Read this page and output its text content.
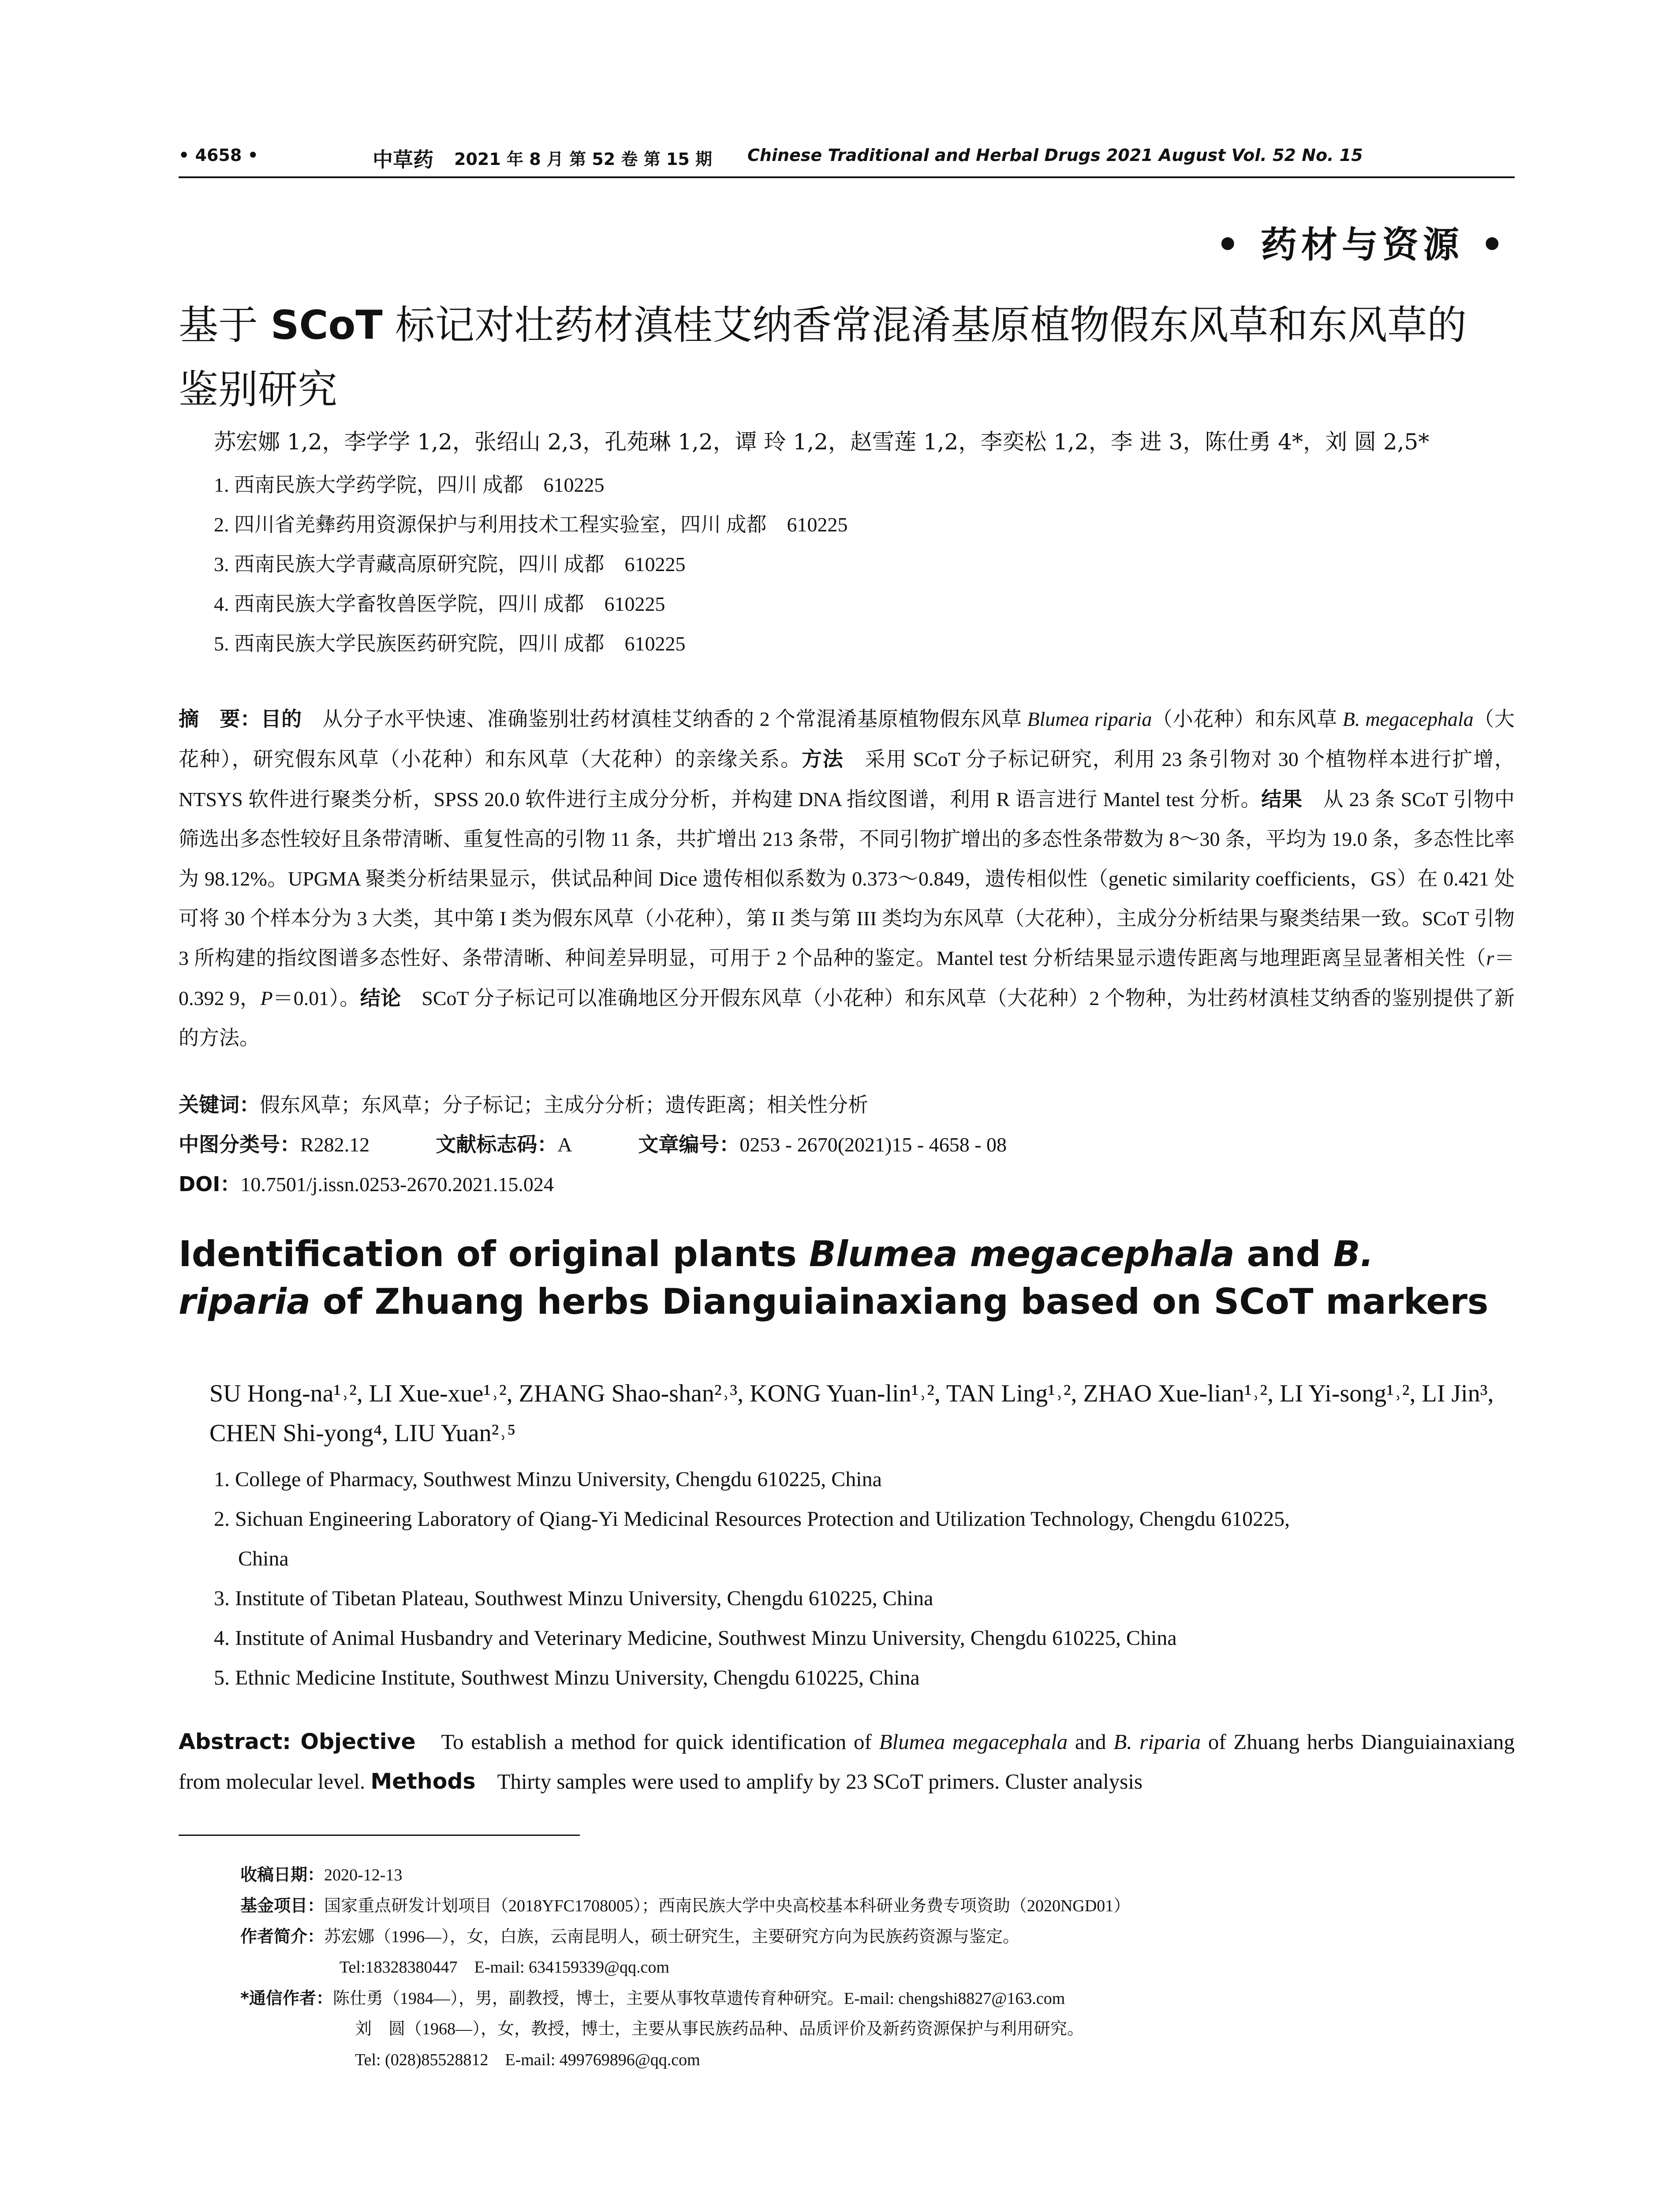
• 4658 •	中草药 2021 年 8 月 第 52 卷 第 15 期 Chinese Traditional and Herbal Drugs 2021 August Vol. 52 No. 15
• 药材与资源 •
基于 SCoT 标记对壮药材滇桂艾纳香常混淆基原植物假东风草和东风草的
鉴别研究
苏宏娜 1,2，李学学 1,2，张绍山 2,3，孔苑琳 1,2，谭 玲 1,2，赵雪莲 1,2，李奕松 1,2，李 进 3，陈仕勇 4*，刘 圆 2,5*
1. 西南民族大学药学院，四川 成都　610225
2. 四川省羌彝药用资源保护与利用技术工程实验室，四川 成都　610225
3. 西南民族大学青藏高原研究院，四川 成都　610225
4. 西南民族大学畜牧兽医学院，四川 成都　610225
5. 西南民族大学民族医药研究院，四川 成都　610225
摘　要：目的　从分子水平快速、准确鉴别壮药材滇桂艾纳香的 2 个常混淆基原植物假东风草 Blumea riparia（小花种）和东风草 B. megacephala（大花种），研究假东风草（小花种）和东风草（大花种）的亲缘关系。方法　采用 SCoT 分子标记研究，利用 23 条引物对 30 个植物样本进行扩增，NTSYS 软件进行聚类分析，SPSS 20.0 软件进行主成分分析，并构建 DNA 指纹图谱，利用 R 语言进行 Mantel test 分析。结果　从 23 条 SCoT 引物中筛选出多态性较好且条带清晰、重复性高的引物 11 条，共扩增出 213 条带，不同引物扩增出的多态性条带数为 8～30 条，平均为 19.0 条，多态性比率为 98.12%。UPGMA 聚类分析结果显示，供试品种间 Dice 遗传相似系数为 0.373～0.849，遗传相似性（genetic similarity coefficients，GS）在 0.421 处可将 30 个样本分为 3 大类，其中第 I 类为假东风草（小花种），第 II 类与第 III 类均为东风草（大花种），主成分分析结果与聚类结果一致。SCoT 引物 3 所构建的指纹图谱多态性好、条带清晰、种间差异明显，可用于 2 个品种的鉴定。Mantel test 分析结果显示遗传距离与地理距离呈显著相关性（r＝0.392 9，P＝0.01）。结论　SCoT 分子标记可以准确地区分开假东风草（小花种）和东风草（大花种）2 个物种，为壮药材滇桂艾纳香的鉴别提供了新的方法。
关键词：假东风草；东风草；分子标记；主成分分析；遗传距离；相关性分析
中图分类号：R282.12	文献标志码：A	文章编号：0253 - 2670(2021)15 - 4658 - 08
DOI：10.7501/j.issn.0253-2670.2021.15.024
Identification of original plants Blumea megacephala and B. riparia of Zhuang herbs Dianguiainaxiang based on SCoT markers
SU Hong-na¹˒², LI Xue-xue¹˒², ZHANG Shao-shan²˒³, KONG Yuan-lin¹˒², TAN Ling¹˒², ZHAO Xue-lian¹˒², LI Yi-song¹˒², LI Jin³, CHEN Shi-yong⁴, LIU Yuan²˒⁵
1. College of Pharmacy, Southwest Minzu University, Chengdu 610225, China
2. Sichuan Engineering Laboratory of Qiang-Yi Medicinal Resources Protection and Utilization Technology, Chengdu 610225,
China
3. Institute of Tibetan Plateau, Southwest Minzu University, Chengdu 610225, China
4. Institute of Animal Husbandry and Veterinary Medicine, Southwest Minzu University, Chengdu 610225, China
5. Ethnic Medicine Institute, Southwest Minzu University, Chengdu 610225, China
Abstract: Objective　To establish a method for quick identification of Blumea megacephala and B. riparia of Zhuang herbs Dianguiainaxiang from molecular level. Methods　Thirty samples were used to amplify by 23 SCoT primers. Cluster analysis
收稿日期：2020-12-13
基金项目：国家重点研发计划项目（2018YFC1708005）；西南民族大学中央高校基本科研业务费专项资助（2020NGD01）
作者简介：苏宏娜（1996—），女，白族，云南昆明人，硕士研究生，主要研究方向为民族药资源与鉴定。
Tel:18328380447　E-mail: 634159339@qq.com
*通信作者：陈仕勇（1984—），男，副教授，博士，主要从事牧草遗传育种研究。E-mail: chengshi8827@163.com
刘　圆（1968—），女，教授，博士，主要从事民族药品种、品质评价及新药资源保护与利用研究。
Tel: (028)85528812　E-mail: 499769896@qq.com
